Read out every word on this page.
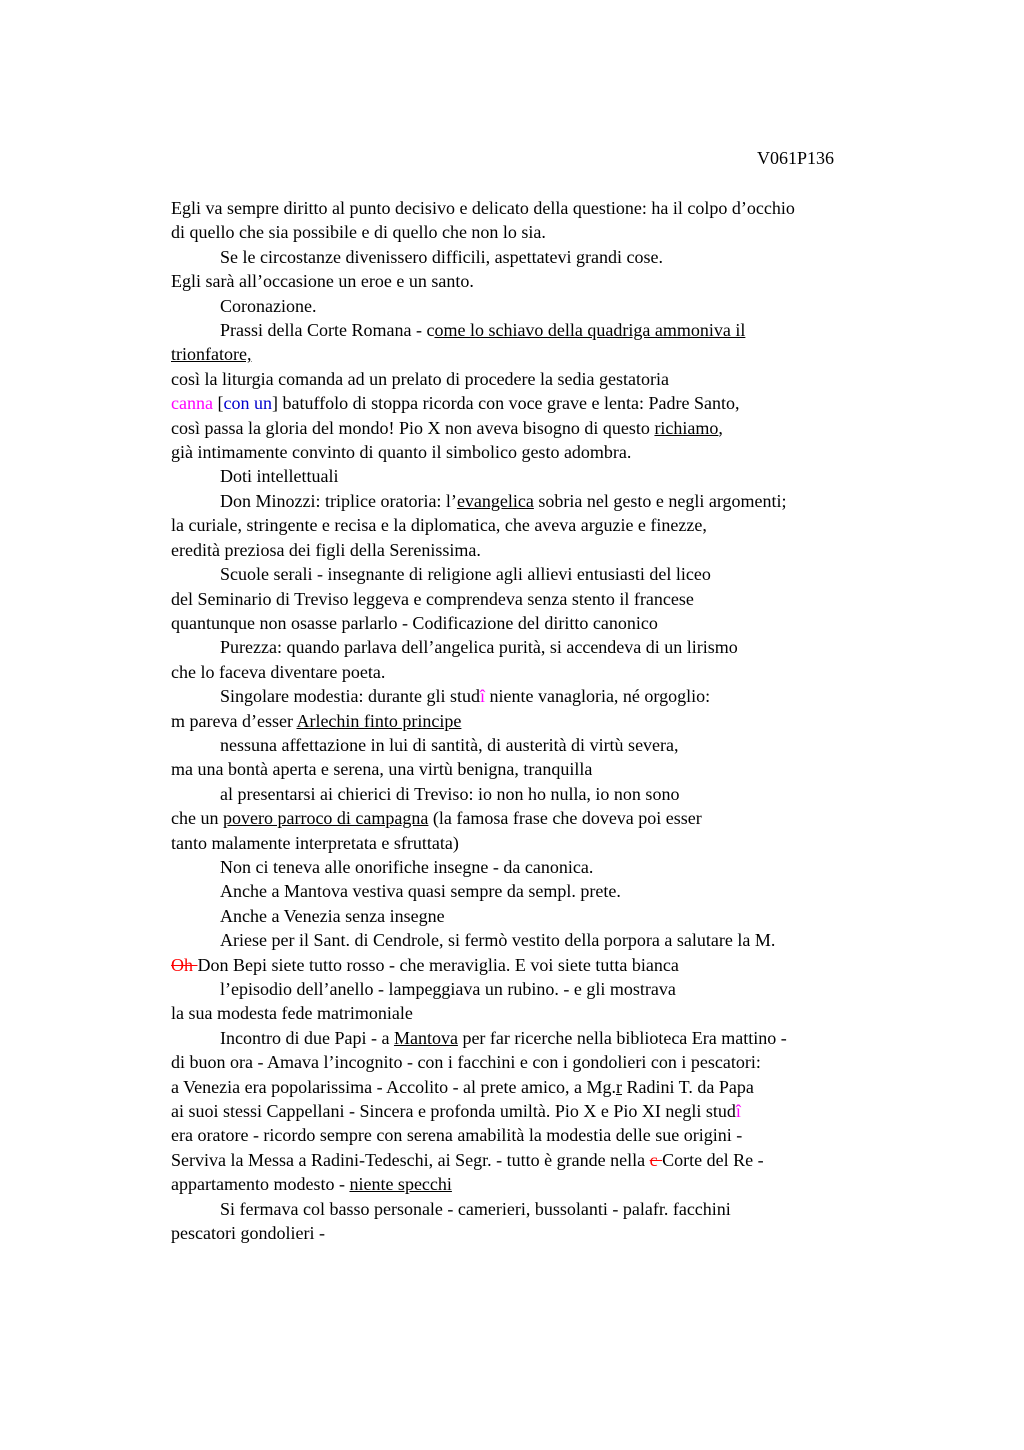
V061P136
Egli va sempre diritto al punto decisivo e delicato della questione: ha il colpo d’occhio
di quello che sia possibile e di quello che non lo sia.
Se le circostanze divenissero difficili, aspettatevi grandi cose.
Egli sarà all’occasione un eroe e un santo.
Coronazione.
Prassi della Corte Romana - come lo schiavo della quadriga ammoniva il
trionfatore,
così la liturgia comanda ad un prelato di procedere la sedia gestatoria
canna [con un] batuffolo di stoppa ricorda con voce grave e lenta: Padre Santo,
così passa la gloria del mondo! Pio X non aveva bisogno di questo richiamo,
già intimamente convinto di quanto il simbolico gesto adombra.
Doti intellettuali
Don Minozzi: triplice oratoria: l’evangelica sobria nel gesto e negli argomenti;
la curiale, stringente e recisa e la diplomatica, che aveva arguzie e finezze,
eredità preziosa dei figli della Serenissima.
Scuole serali - insegnante di religione agli allievi entusiasti del liceo
del Seminario di Treviso leggeva e comprendeva senza stento il francese
quantunque non osasse parlarlo - Codificazione del diritto canonico
Purezza: quando parlava dell’angelica purità, si accendeva di un lirismo
che lo faceva diventare poeta.
Singolare modestia: durante gli studî niente vanagloria, né orgoglio:
m pareva d’esser Arlechin finto principe
nessuna affettazione in lui di santità, di austerità di virtù severa,
ma una bontà aperta e serena, una virtù benigna, tranquilla
al presentarsi ai chierici di Treviso: io non ho nulla, io non sono
che un povero parroco di campagna (la famosa frase che doveva poi esser
tanto malamente interpretata e sfruttata)
Non ci teneva alle onorifiche insegne - da canonica.
Anche a Mantova vestiva quasi sempre da sempl. prete.
Anche a Venezia senza insegne
Ariese per il Sant. di Cendrole, si fermò vestito della porpora a salutare la M.
Oh Don Bepi siete tutto rosso - che meraviglia. E voi siete tutta bianca
l’episodio dell’anello - lampeggiava un rubino. - e gli mostrava
la sua modesta fede matrimoniale
Incontro di due Papi - a Mantova per far ricerche nella biblioteca Era mattino -
di buon ora - Amava l’incognito - con i facchini e con i gondolieri con i pescatori:
a Venezia era popolarissima - Accolito - al prete amico, a Mg.r Radini T. da Papa
ai suoi stessi Cappellani - Sincera e profonda umiltà. Pio X e Pio XI negli studî
era oratore - ricordo sempre con serena amabilità la modestia delle sue origini -
Serviva la Messa a Radini-Tedeschi, ai Segr. - tutto è grande nella c Corte del Re -
appartamento modesto - niente specchi
Si fermava col basso personale - camerieri, bussolanti - palafr. facchini
pescatori gondolieri -
